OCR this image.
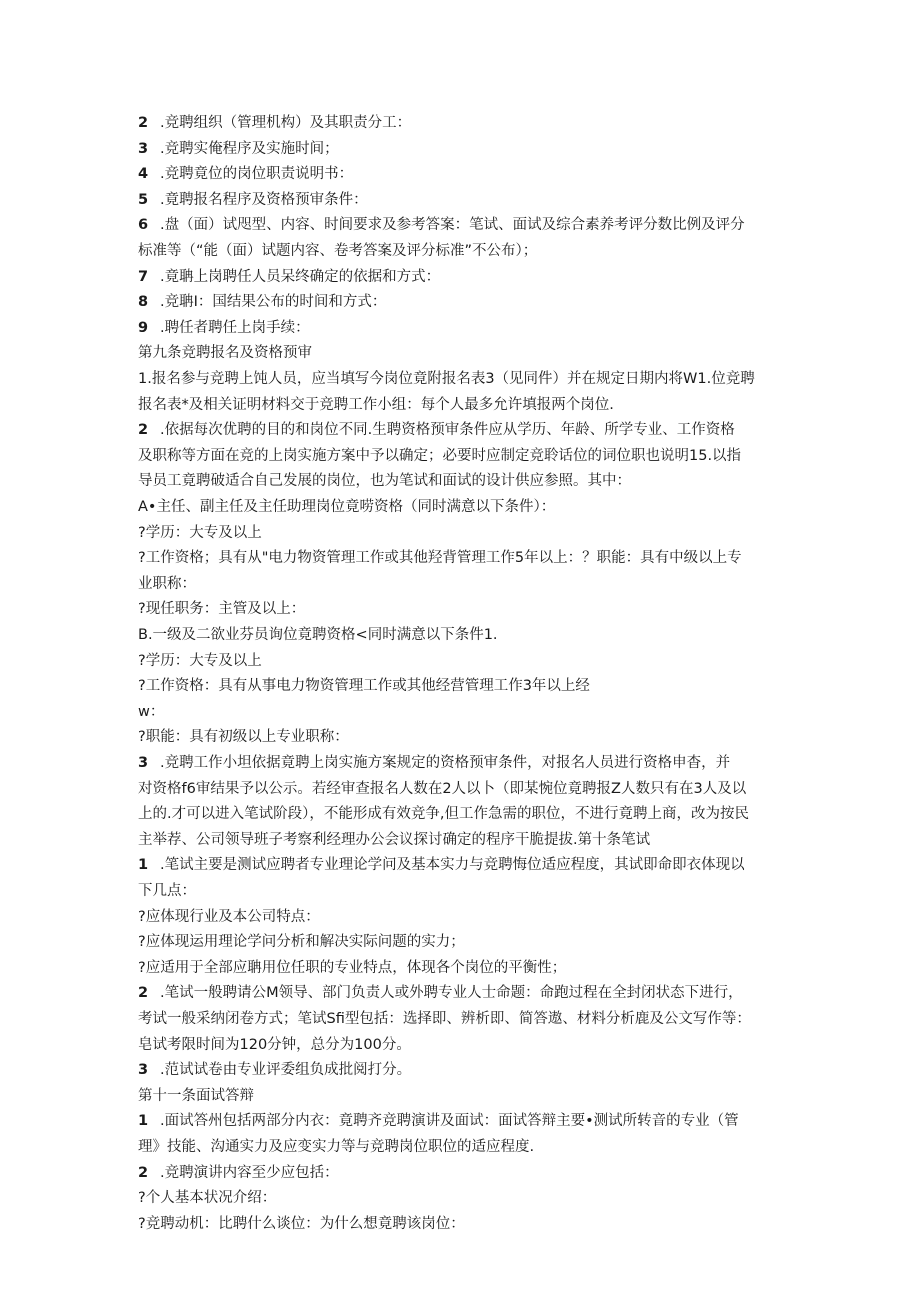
2 .竞聘组织（管理机构）及其职责分工：
3 .竞聘实俺程序及实施时间；
4 .竞聘竟位的岗位职责说明书：
5 .竟聘报名程序及资格预审条件：
6 .盘（面）试咫型、内容、时间要求及参考答案：笔试、面试及综合素养考评分数比例及评分
标准等（“能（面）试题内容、卷考答案及评分标准”不公布）；
7 .竟聃上岗聘任人员呆终确定的依据和方式：
8 .竞聃I：国结果公布的时间和方式：
9 .聘任者聘任上岗手续：
第九条竞聘报名及资格预审
1.报名参与竞聘上饨人员，应当填写今岗位竟附报名表3（见同件）并在规定日期内将W1.位竞聘
报名表*及相关证明材料交于竞聘工作小组：每个人最多允许填报两个岗位.
2 .依据每次优聘的目的和岗位不同.生聘资格预审条件应从学历、年龄、所学专业、工作资格
及职称等方面在竞的上岗实施方案中予以确定；必要时应制定竞聆话位的词位职也说明15.以指
导员工竟聘破适合自己发展的岗位，也为笔试和面试的设计供应参照。其中：
A•主任、副主任及主任助理岗位竟唠资格（同时满意以下条件）：
?学历：大专及以上
?工作资格；具有从"电力物资管理工作或其他羟背管理工作5年以上：？职能：具有中级以上专
业职称：
?现任职务：主管及以上：
B.一级及二欲业芬员询位竟聘资格<同时满意以下条件1.
?学历：大专及以上
?工作资格：具有从事电力物资管理工作或其他经营管理工作3年以上经
w：
?职能：具有初级以上专业职称：
3 .竞聘工作小坦依据竟聘上岗实施方案规定的资格预审条件，对报名人员进行资格申杳，并
对资格f6审结果予以公示。若经审查报名人数在2人以卜（即某惋位竟聘报Z人数只有在3人及以
上的.才可以进入笔试阶段），不能形成有效竞争,但工作急需的职位，不进行竟聘上商，改为按民
主举荐、公司领导班子考察利经理办公会议探讨确定的程序干脆提拔.第十条笔试
1 .笔试主要是测试应聘者专业理论学问及基本实力与竞聘悔位适应程度，其试即命即衣体现以
下几点：
?应体现行业及本公司特点：
?应体现运用理论学问分析和解决实际问题的实力；
?应适用于全部应聃用位任职的专业特点，体现各个岗位的平衡性；
2 .笔试一般聘请公M领导、部门负责人或外聘专业人士命题：命跑过程在全封闭状态下进行，
考试一般采纳闭卷方式；笔试Sfi型包括：选择即、辨析即、简答遨、材料分析鹿及公文写作等：
皂试考限时间为120分钟，总分为100分。
3 .范试试卷由专业评委组负成批阅打分。
第十一条面试答辩
1 .面试答州包括两部分内衣：竟聘齐竞聘演讲及面试：面试答辩主要•测试所转音的专业（管
理》技能、沟通实力及应变实力等与竞聘岗位职位的适应程度.
2 .竞聘演讲内容至少应包括：
?个人基本状况介绍：
?竞聘动机：比聘什么谈位：为什么想竟聘该岗位：
